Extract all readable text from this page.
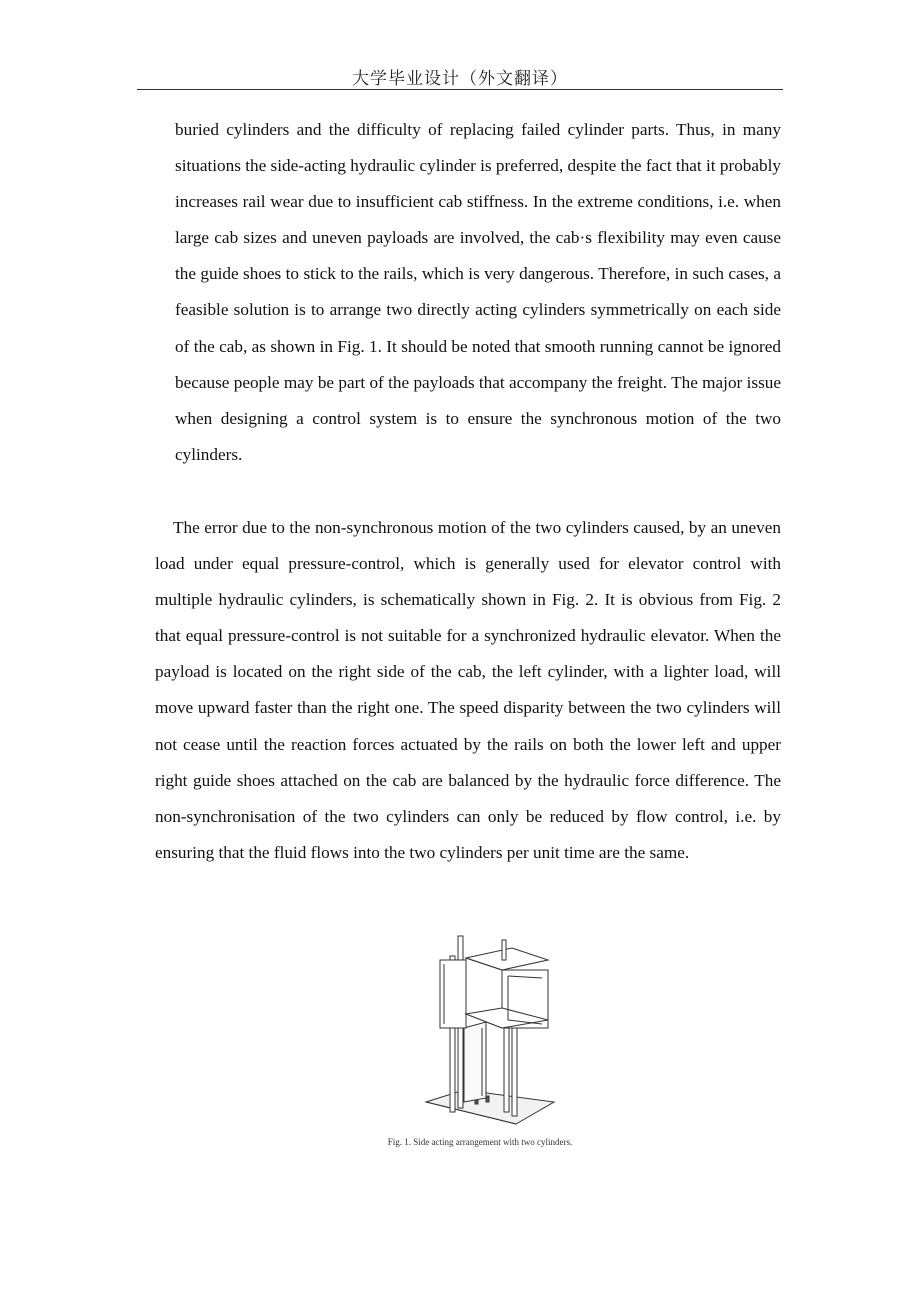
大学毕业设计（外文翻译）

buried cylinders and the difficulty of replacing failed cylinder parts. Thus, in many situations the side-acting hydraulic cylinder is preferred, despite the fact that it probably increases rail wear due to insufficient cab stiffness. In the extreme conditions, i.e. when large cab sizes and uneven payloads are involved, the cab·s flexibility may even cause the guide shoes to stick to the rails, which is very dangerous. Therefore, in such cases, a feasible solution is to arrange two directly acting cylinders symmetrically on each side of the cab, as shown in Fig. 1. It should be noted that smooth running cannot be ignored because people may be part of the payloads that accompany the freight. The major issue when designing a control system is to ensure the synchronous motion of the two cylinders.

The error due to the non-synchronous motion of the two cylinders caused, by an uneven load under equal pressure-control, which is generally used for elevator control with multiple hydraulic cylinders, is schematically shown in Fig. 2. It is obvious from Fig. 2 that equal pressure-control is not suitable for a synchronized hydraulic elevator. When the payload is located on the right side of the cab, the left cylinder, with a lighter load, will move upward faster than the right one. The speed disparity between the two cylinders will not cease until the reaction forces actuated by the rails on both the lower left and upper right guide shoes attached on the cab are balanced by the hydraulic force difference. The non-synchronisation of the two cylinders can only be reduced by flow control, i.e. by ensuring that the fluid flows into the two cylinders per unit time are the same.

Fig. 1. Side acting arrangement with two cylinders.
